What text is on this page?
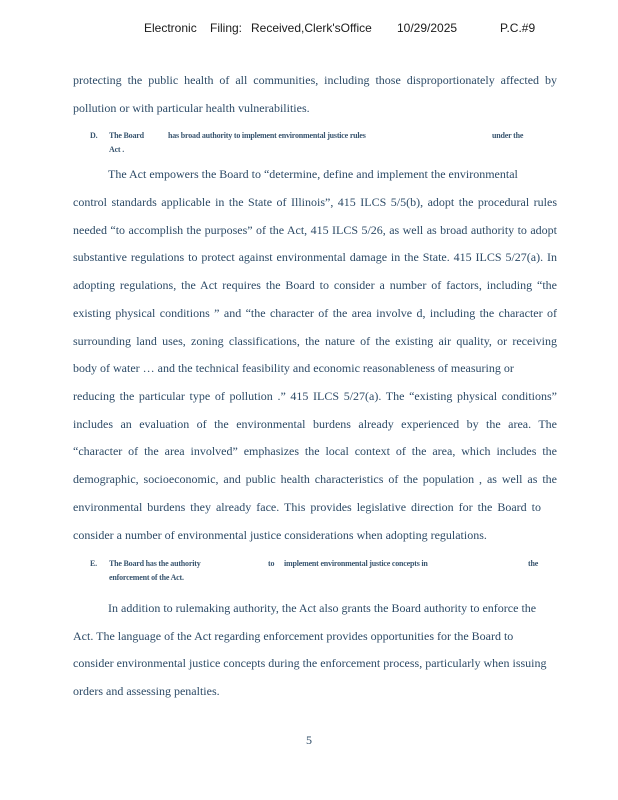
Electronic Filing: Received,Clerk'sOffice 10/29/2025	P.C.#9
protecting the public health of all communities, including those disproportionately affected by
pollution or with particular health vulnerabilities.
D. The Board	has broad authority to implement environmental justice rules	under the
Act .
The Act empowers the Board to “determine, define and implement the environmental
control standards applicable in the State of Illinois”, 415 ILCS 5/5(b), adopt the procedural rules
needed “to accomplish the purposes” of the Act, 415 ILCS 5/26, as well as broad authority to adopt
substantive regulations to protect against environmental damage in the State. 415 ILCS 5/27(a). In
adopting regulations, the Act requires the Board to consider a number of factors, including “the
existing physical conditions ” and “the character of the area involve d, including the character of
surrounding land uses, zoning classifications, the nature of the existing air quality, or receiving
body of water … and the technical feasibility and economic reasonableness of measuring or
reducing the particular type of pollution .” 415 ILCS 5/27(a). The “existing physical conditions”
includes an evaluation of the environmental burdens already experienced by the area. The
“character of the area involved” emphasizes the local context of the area, which includes the
demographic, socioeconomic, and public health characteristics of the population , as well as the
environmental burdens they already face. This provides legislative direction for the Board to
consider a number of environmental justice considerations when adopting regulations.
E. The Board has the authority	to implement environmental justice concepts in	the
enforcement of the Act.
In addition to rulemaking authority, the Act also grants the Board authority to enforce the
Act. The language of the Act regarding enforcement provides opportunities for the Board to
consider environmental justice concepts during the enforcement process, particularly when issuing
orders and assessing penalties.
5
